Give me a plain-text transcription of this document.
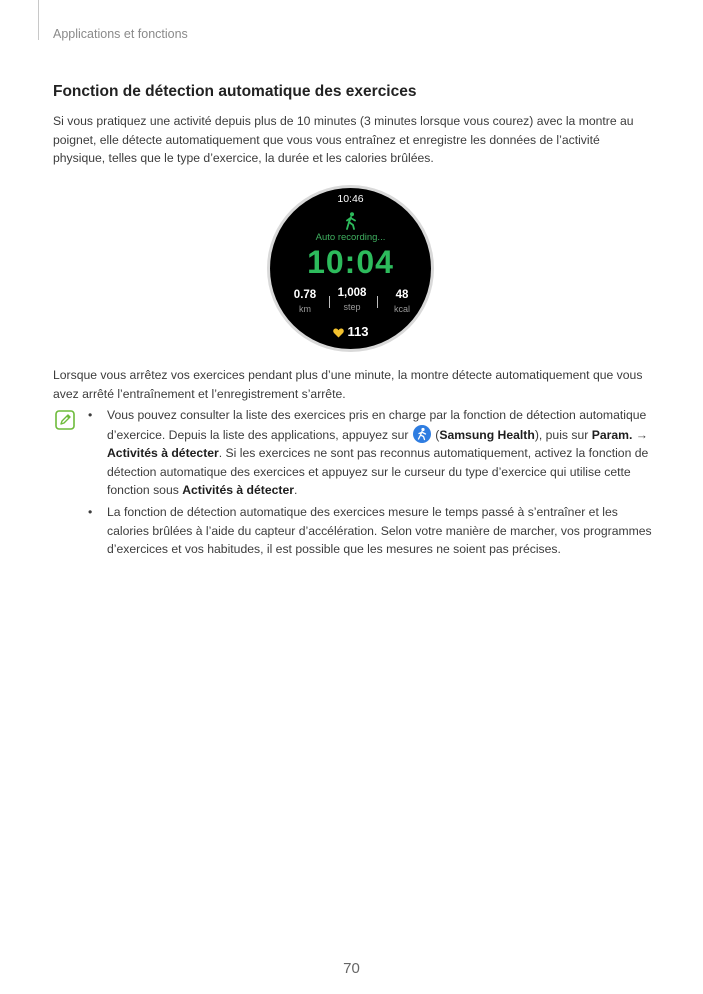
Applications et fonctions
Fonction de détection automatique des exercices

Si vous pratiquez une activité depuis plus de 10 minutes (3 minutes lorsque vous courez) avec la montre au poignet, elle détecte automatiquement que vous vous entraînez et enregistre les données de l’activité physique, telles que le type d’exercice, la durée et les calories brûlées.

10:46
Auto recording...
10:04
0.78
km
1,008
step
48
kcal
113

Lorsque vous arrêtez vos exercices pendant plus d’une minute, la montre détecte automatiquement que vous avez arrêté l’entraînement et l’enregistrement s’arrête.

• Vous pouvez consulter la liste des exercices pris en charge par la fonction de détection automatique d’exercice. Depuis la liste des applications, appuyez sur  (Samsung Health), puis sur Param. → Activités à détecter. Si les exercices ne sont pas reconnus automatiquement, activez la fonction de détection automatique des exercices et appuyez sur le curseur du type d’exercice qui utilise cette fonction sous Activités à détecter.

• La fonction de détection automatique des exercices mesure le temps passé à s’entraîner et les calories brûlées à l’aide du capteur d’accélération. Selon votre manière de marcher, vos programmes d’exercices et vos habitudes, il est possible que les mesures ne soient pas précises.

70
